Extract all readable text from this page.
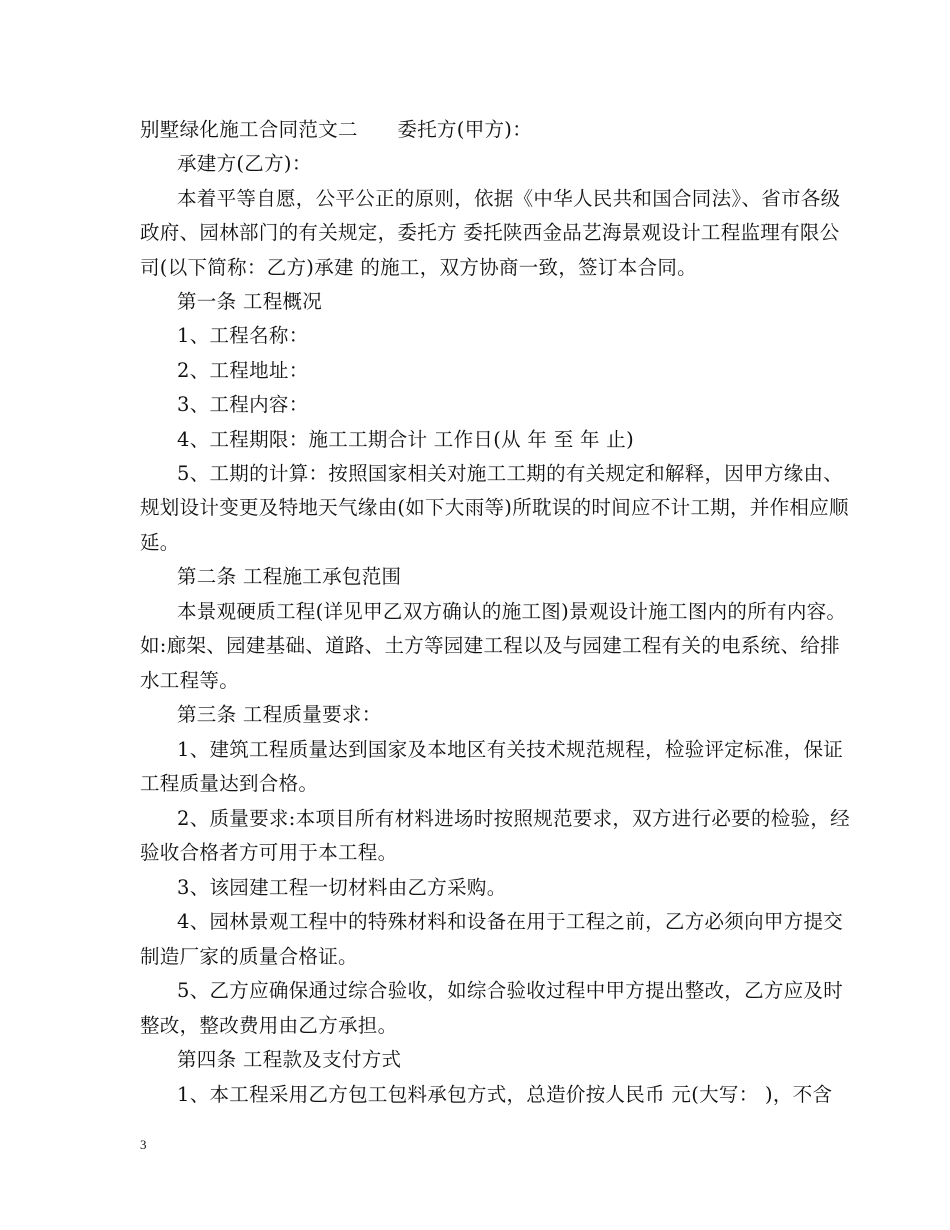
别墅绿化施工合同范文二　　委托方(甲方)：
承建方(乙方)：
本着平等自愿，公平公正的原则，依据《中华人民共和国合同法》、省市各级
政府、园林部门的有关规定，委托方 委托陕西金品艺海景观设计工程监理有限公
司(以下简称：乙方)承建 的施工，双方协商一致，签订本合同。
第一条 工程概况
1、工程名称：
2、工程地址：
3、工程内容：
4、工程期限：施工工期合计 工作日(从 年 至 年 止)
5、工期的计算：按照国家相关对施工工期的有关规定和解释，因甲方缘由、
规划设计变更及特地天气缘由(如下大雨等)所耽误的时间应不计工期，并作相应顺
延。
第二条 工程施工承包范围
本景观硬质工程(详见甲乙双方确认的施工图)景观设计施工图内的所有内容。
如:廊架、园建基础、道路、土方等园建工程以及与园建工程有关的电系统、给排
水工程等。
第三条 工程质量要求：
1、建筑工程质量达到国家及本地区有关技术规范规程，检验评定标准，保证
工程质量达到合格。
2、质量要求:本项目所有材料进场时按照规范要求，双方进行必要的检验，经
验收合格者方可用于本工程。
3、该园建工程一切材料由乙方采购。
4、园林景观工程中的特殊材料和设备在用于工程之前，乙方必须向甲方提交
制造厂家的质量合格证。
5、乙方应确保通过综合验收，如综合验收过程中甲方提出整改，乙方应及时
整改，整改费用由乙方承担。
第四条 工程款及支付方式
1、本工程采用乙方包工包料承包方式，总造价按人民币 元(大写： )，不含
3
